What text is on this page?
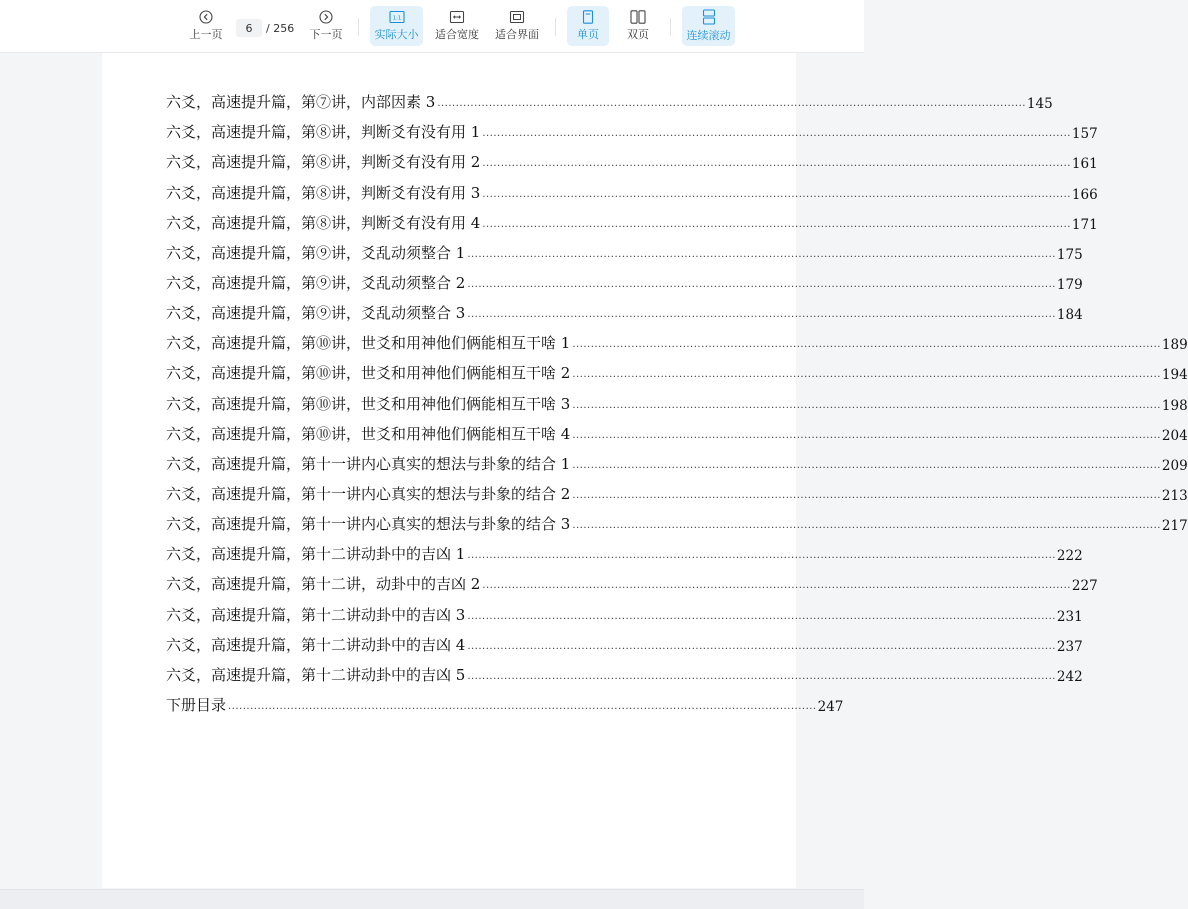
上一页
6	/ 256 下一页
1:1
实际大小 适合宽度 适合界面	单页	双页	连续滚动
六爻，高速提升篇，第⑦讲，内部因素 3 ................................................................................................................................................................ 145
六爻，高速提升篇，第⑧讲，判断爻有没有用 1 ................................................................................................................................................................ 157
六爻，高速提升篇，第⑧讲，判断爻有没有用 2 ................................................................................................................................................................ 161
六爻，高速提升篇，第⑧讲，判断爻有没有用 3 ................................................................................................................................................................ 166
六爻，高速提升篇，第⑧讲，判断爻有没有用 4 ................................................................................................................................................................ 171
六爻，高速提升篇，第⑨讲，爻乱动须整合 1 ................................................................................................................................................................ 175
六爻，高速提升篇，第⑨讲，爻乱动须整合 2 ................................................................................................................................................................ 179
六爻，高速提升篇，第⑨讲，爻乱动须整合 3 ................................................................................................................................................................ 184
六爻，高速提升篇，第⑩讲，世爻和用神他们俩能相互干啥 1 ................................................................................................................................................................ 189
六爻，高速提升篇，第⑩讲，世爻和用神他们俩能相互干啥 2 ................................................................................................................................................................ 194
六爻，高速提升篇，第⑩讲，世爻和用神他们俩能相互干啥 3 ................................................................................................................................................................ 198
六爻，高速提升篇，第⑩讲，世爻和用神他们俩能相互干啥 4 ................................................................................................................................................................ 204
六爻，高速提升篇，第十一讲内心真实的想法与卦象的结合 1 ................................................................................................................................................................ 209
六爻，高速提升篇，第十一讲内心真实的想法与卦象的结合 2 ................................................................................................................................................................ 213
六爻，高速提升篇，第十一讲内心真实的想法与卦象的结合 3 ................................................................................................................................................................ 217
六爻，高速提升篇，第十二讲动卦中的吉凶 1 ................................................................................................................................................................ 222
六爻，高速提升篇，第十二讲，动卦中的吉凶 2 ................................................................................................................................................................ 227
六爻，高速提升篇，第十二讲动卦中的吉凶 3 ................................................................................................................................................................ 231
六爻，高速提升篇，第十二讲动卦中的吉凶 4 ................................................................................................................................................................ 237
六爻，高速提升篇，第十二讲动卦中的吉凶 5 ................................................................................................................................................................ 242
下册目录 ................................................................................................................................................................ 247
